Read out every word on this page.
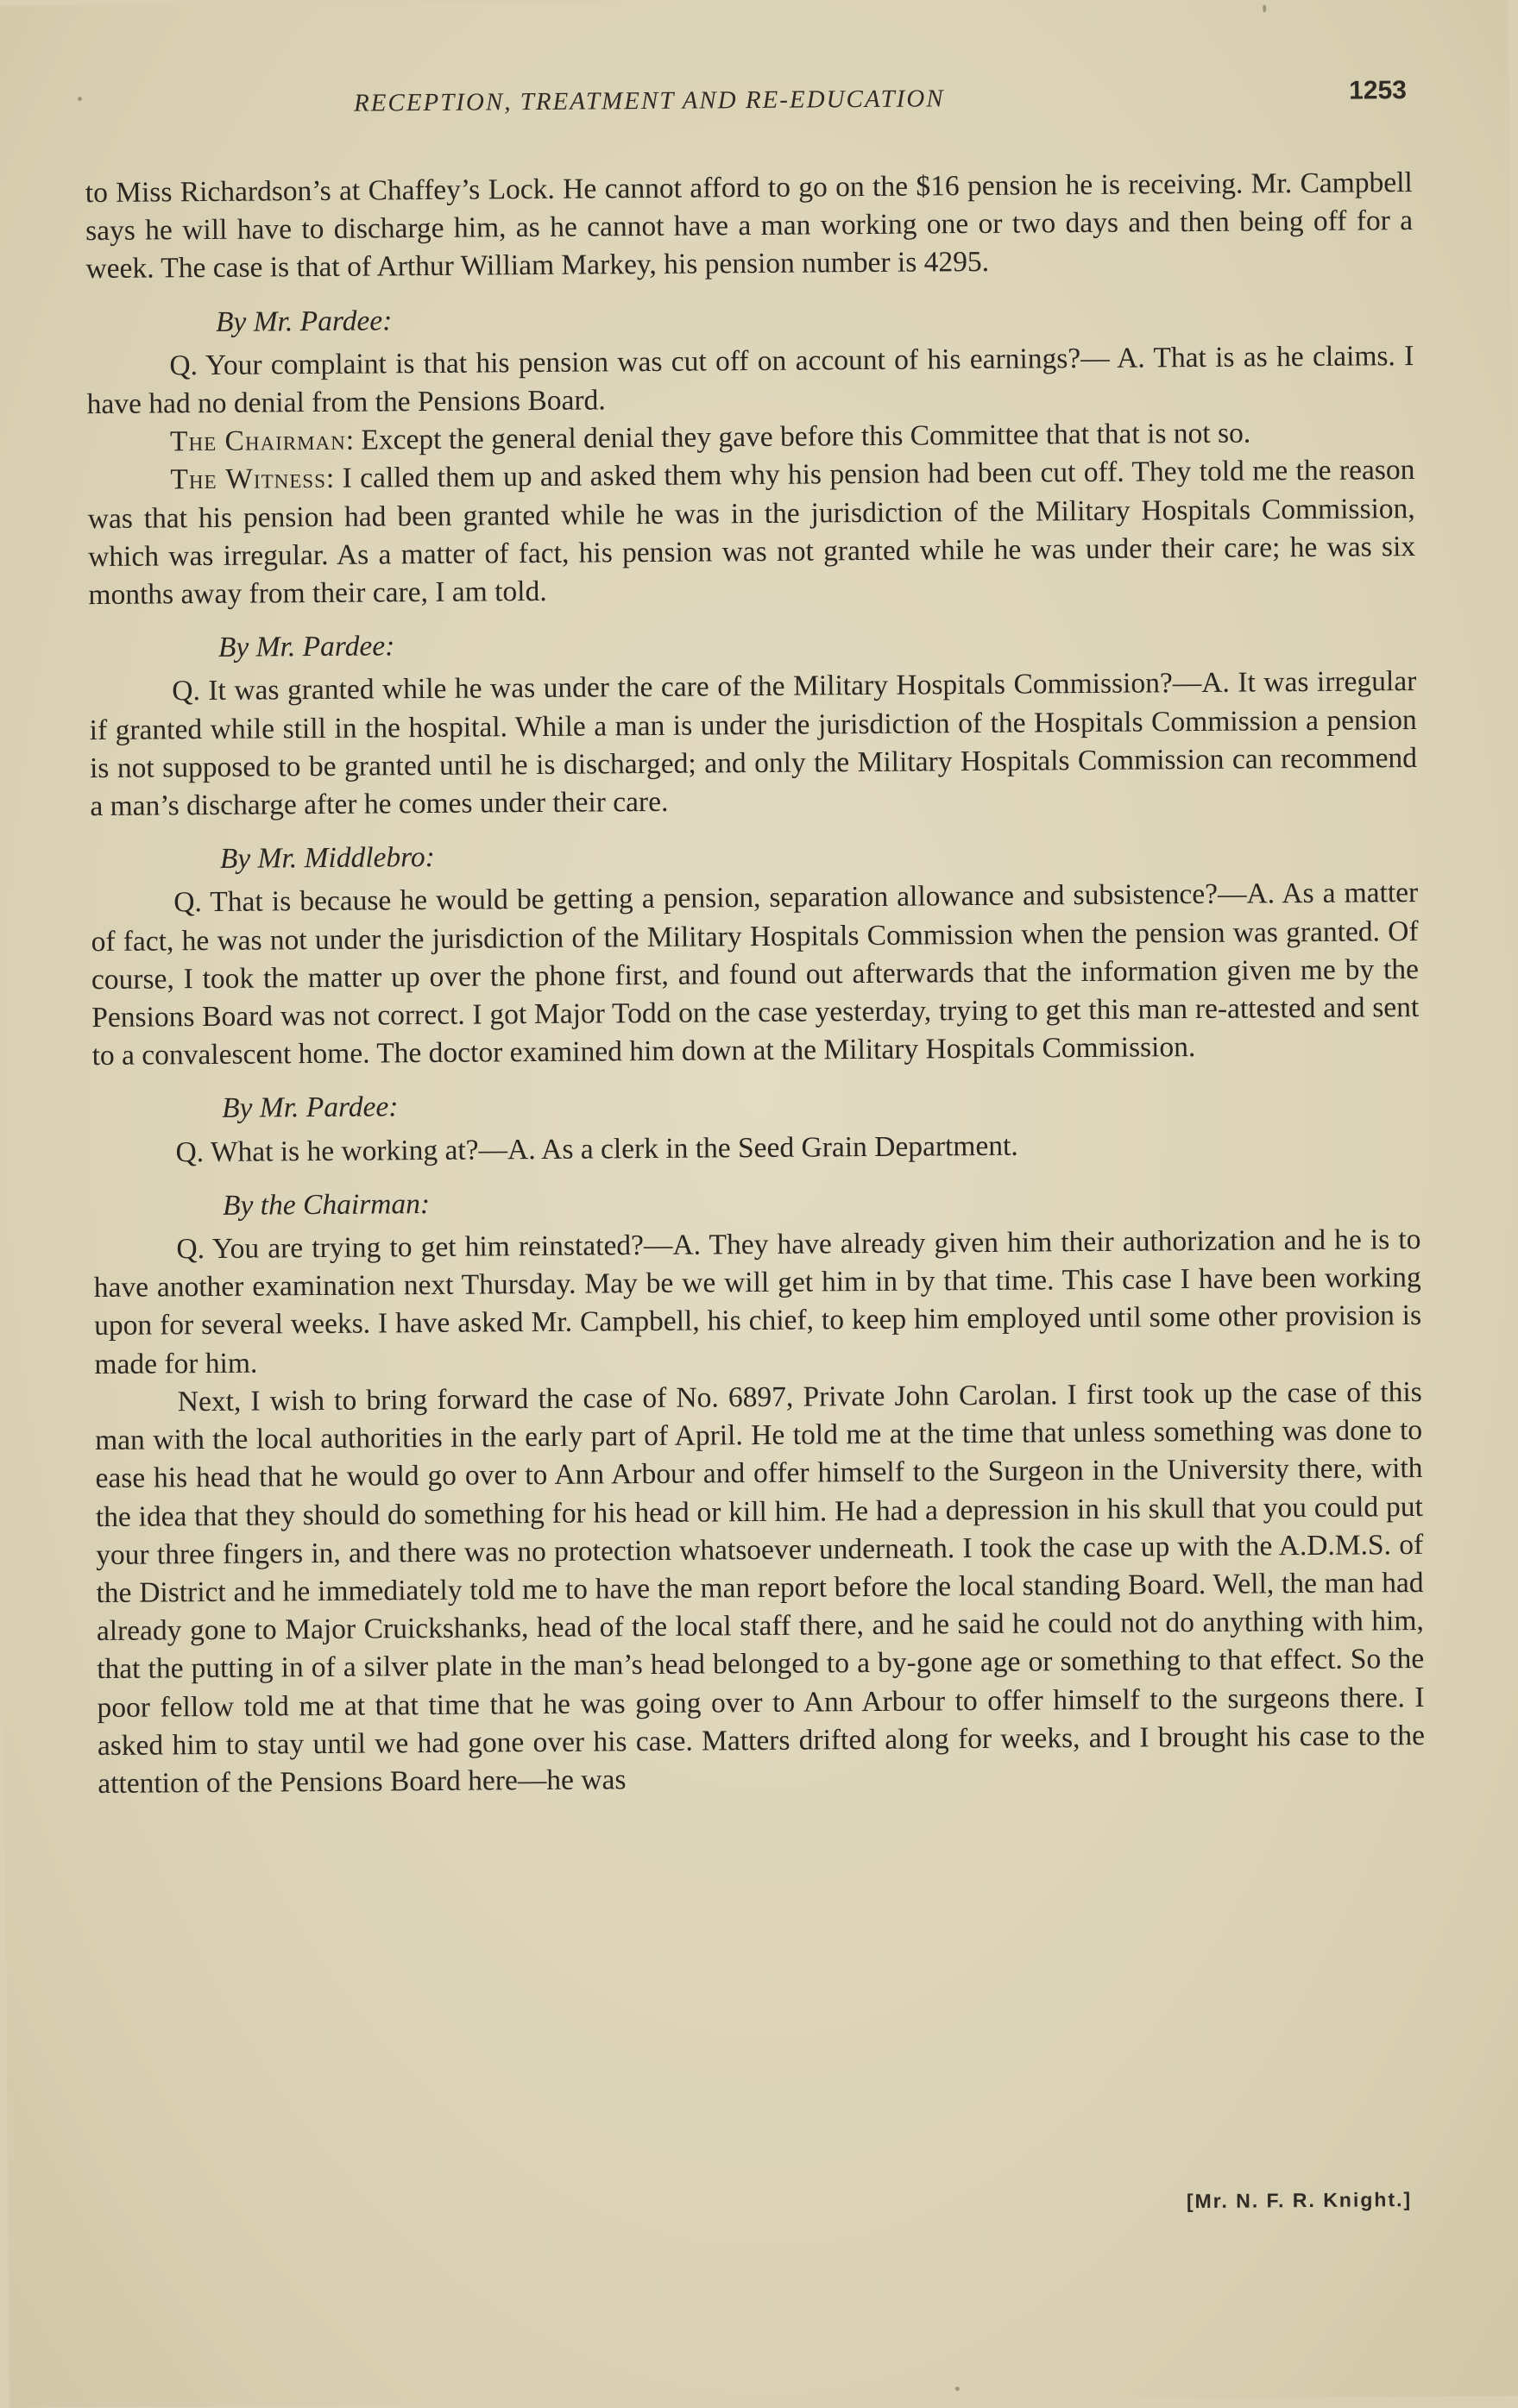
RECEPTION, TREATMENT AND RE-EDUCATION	1253

to Miss Richardson’s at Chaffey’s Lock. He cannot afford to go on the $16 pension he is receiving. Mr. Campbell says he will have to discharge him, as he cannot have a man working one or two days and then being off for a week. The case is that of Arthur William Markey, his pension number is 4295.

By Mr. Pardee:

Q. Your complaint is that his pension was cut off on account of his earnings?— A. That is as he claims. I have had no denial from the Pensions Board.

The Chairman: Except the general denial they gave before this Committee that that is not so.

The Witness: I called them up and asked them why his pension had been cut off. They told me the reason was that his pension had been granted while he was in the jurisdiction of the Military Hospitals Commission, which was irregular. As a matter of fact, his pension was not granted while he was under their care; he was six months away from their care, I am told.

By Mr. Pardee:

Q. It was granted while he was under the care of the Military Hospitals Commission?—A. It was irregular if granted while still in the hospital. While a man is under the jurisdiction of the Hospitals Commission a pension is not supposed to be granted until he is discharged; and only the Military Hospitals Commission can recommend a man’s discharge after he comes under their care.

By Mr. Middlebro:

Q. That is because he would be getting a pension, separation allowance and subsistence?—A. As a matter of fact, he was not under the jurisdiction of the Military Hospitals Commission when the pension was granted. Of course, I took the matter up over the phone first, and found out afterwards that the information given me by the Pensions Board was not correct. I got Major Todd on the case yesterday, trying to get this man re-attested and sent to a convalescent home. The doctor examined him down at the Military Hospitals Commission.

By Mr. Pardee:

Q. What is he working at?—A. As a clerk in the Seed Grain Department.

By the Chairman:

Q. You are trying to get him reinstated?—A. They have already given him their authorization and he is to have another examination next Thursday. May be we will get him in by that time. This case I have been working upon for several weeks. I have asked Mr. Campbell, his chief, to keep him employed until some other provision is made for him.

Next, I wish to bring forward the case of No. 6897, Private John Carolan. I first took up the case of this man with the local authorities in the early part of April. He told me at the time that unless something was done to ease his head that he would go over to Ann Arbour and offer himself to the Surgeon in the University there, with the idea that they should do something for his head or kill him. He had a depression in his skull that you could put your three fingers in, and there was no protection whatsoever underneath. I took the case up with the A.D.M.S. of the District and he immediately told me to have the man report before the local standing Board. Well, the man had already gone to Major Cruickshanks, head of the local staff there, and he said he could not do anything with him, that the putting in of a silver plate in the man’s head belonged to a by-gone age or something to that effect. So the poor fellow told me at that time that he was going over to Ann Arbour to offer himself to the surgeons there. I asked him to stay until we had gone over his case. Matters drifted along for weeks, and I brought his case to the attention of the Pensions Board here—he was

[Mr. N. F. R. Knight.]
